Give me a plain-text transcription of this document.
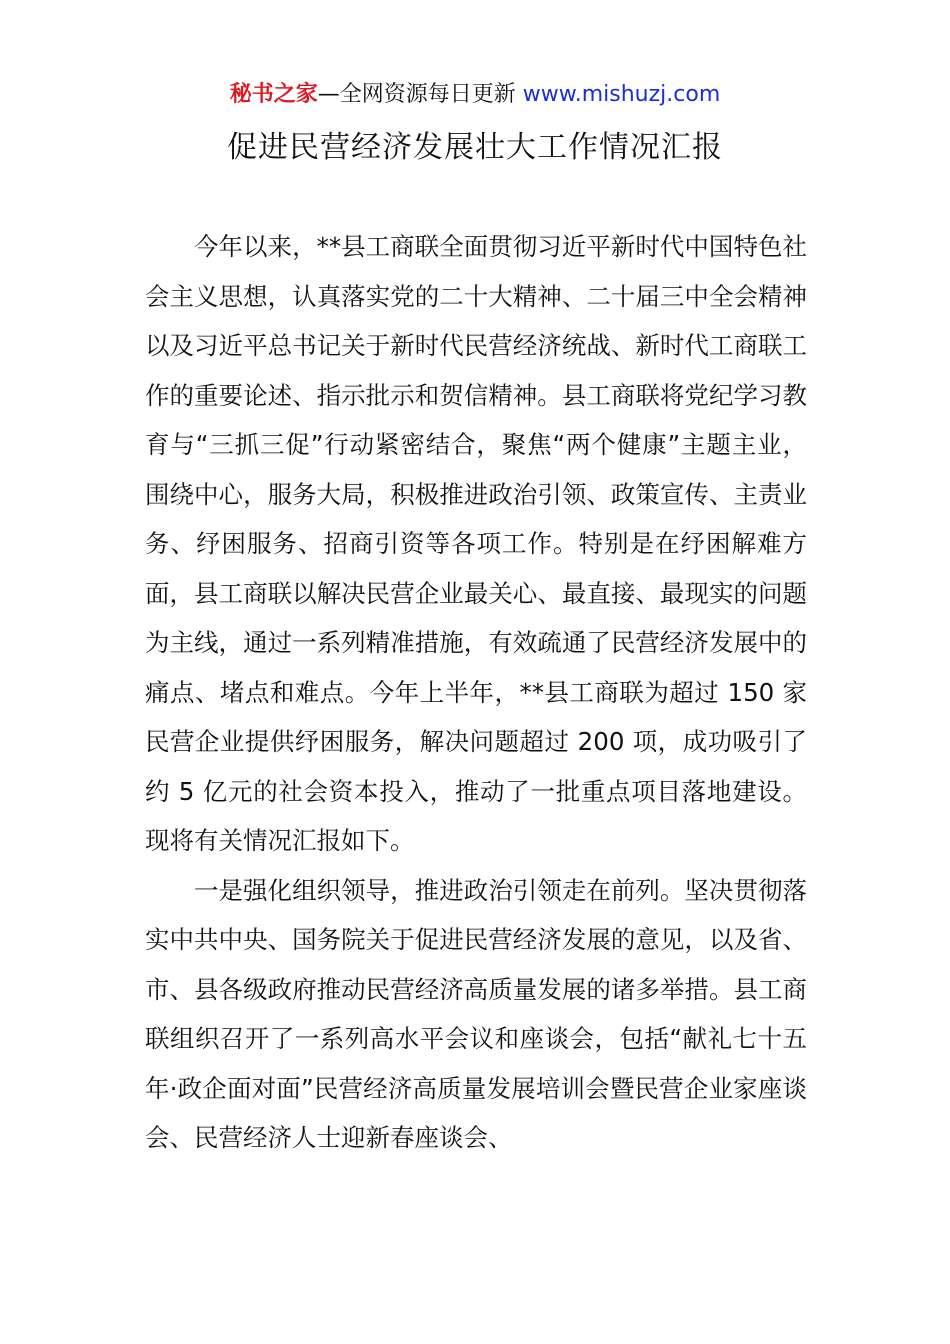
秘书之家—全网资源每日更新 www.mishuzj.com
促进民营经济发展壮大工作情况汇报

今年以来，**县工商联全面贯彻习近平新时代中国特色社会主义思想，认真落实党的二十大精神、二十届三中全会精神以及习近平总书记关于新时代民营经济统战、新时代工商联工作的重要论述、指示批示和贺信精神。县工商联将党纪学习教育与“三抓三促”行动紧密结合，聚焦“两个健康”主题主业，围绕中心，服务大局，积极推进政治引领、政策宣传、主责业务、纾困服务、招商引资等各项工作。特别是在纾困解难方面，县工商联以解决民营企业最关心、最直接、最现实的问题为主线，通过一系列精准措施，有效疏通了民营经济发展中的痛点、堵点和难点。今年上半年，**县工商联为超过 150 家民营企业提供纾困服务，解决问题超过 200 项，成功吸引了约 5 亿元的社会资本投入，推动了一批重点项目落地建设。现将有关情况汇报如下。

一是强化组织领导，推进政治引领走在前列。坚决贯彻落实中共中央、国务院关于促进民营经济发展的意见，以及省、市、县各级政府推动民营经济高质量发展的诸多举措。县工商联组织召开了一系列高水平会议和座谈会，包括“献礼七十五年·政企面对面”民营经济高质量发展培训会暨民营企业家座谈会、民营经济人士迎新春座谈会、
